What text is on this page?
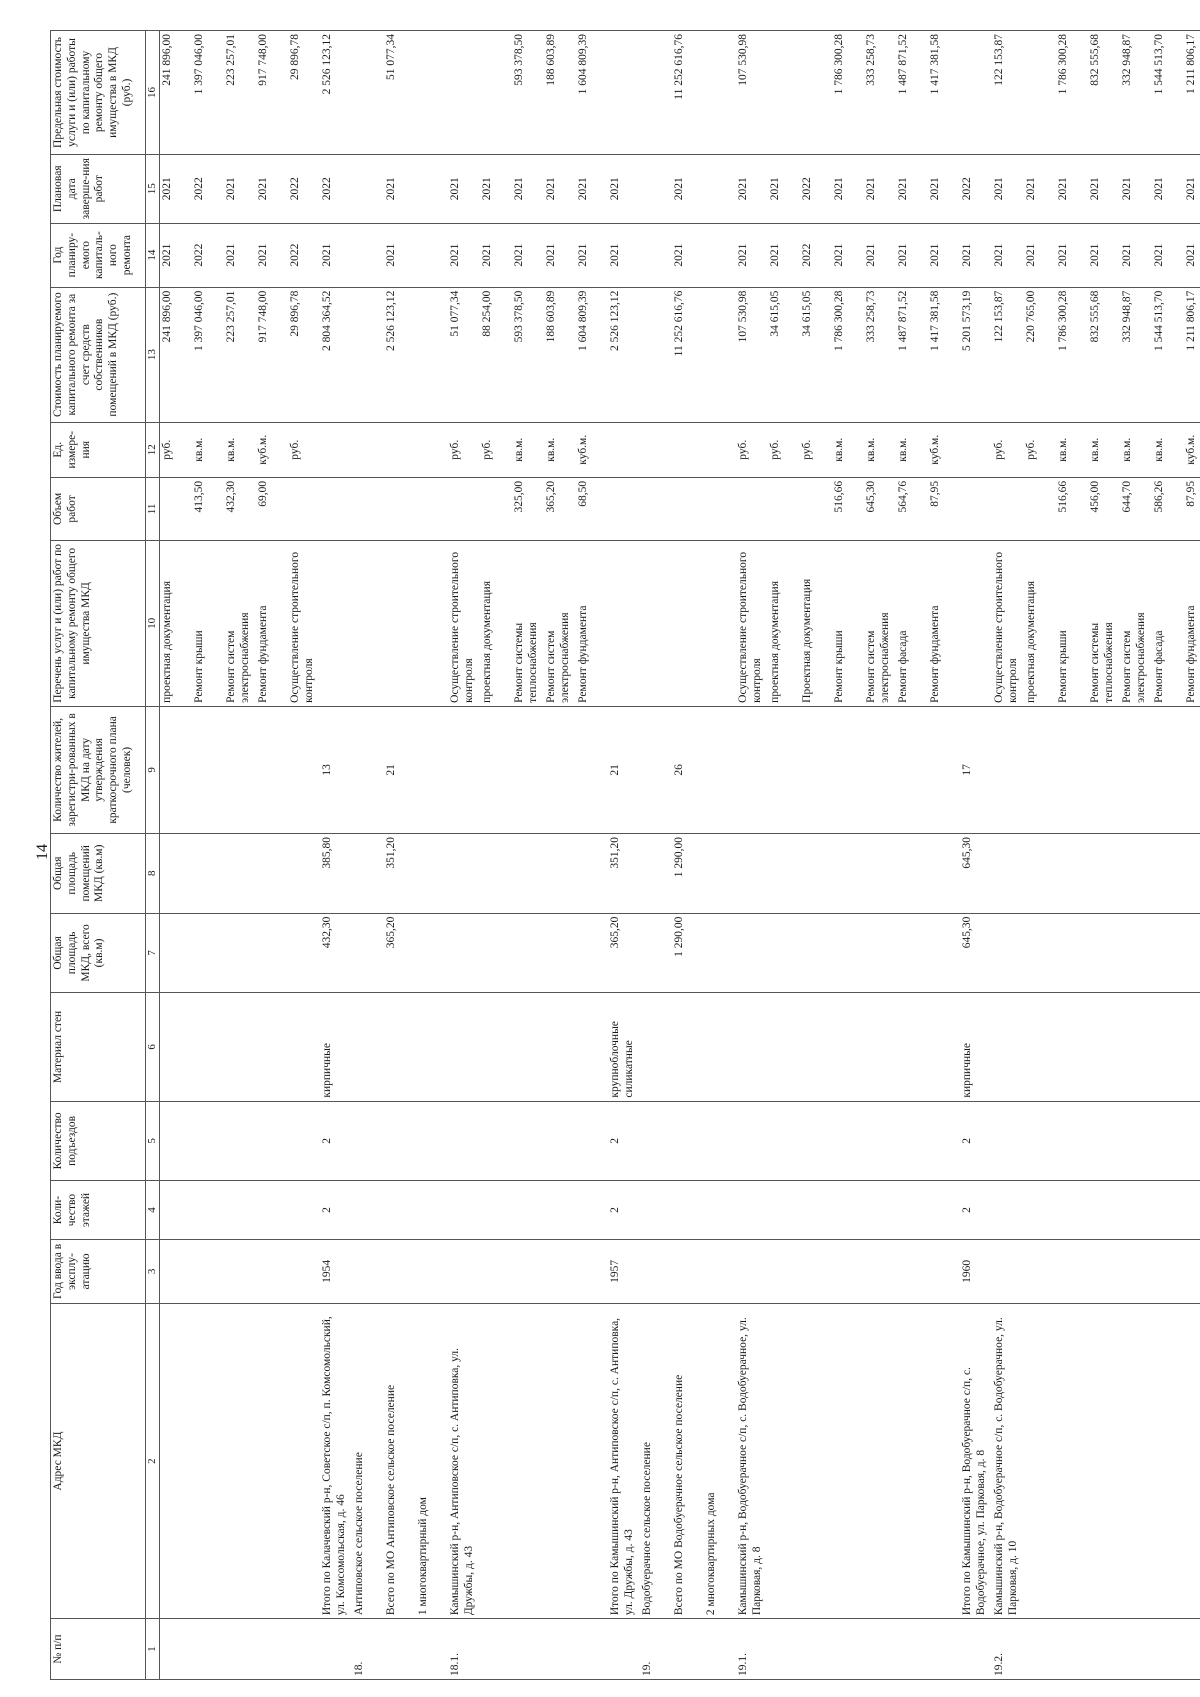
14
№ п/п	Адрес МКД	Год ввода в эксплу-атацию	Коли-чество этажей	Количество подъездов	Материал стен	Общая площадь МКД, всего (кв.м)	Общая площадь помещений МКД (кв.м)	Количество жителей, зарегистри-рованных в МКД на дату утверждения краткосрочного плана (человек)	Перечень услуг и (или) работ по капитальному ремонту общего имущества МКД	Объем работ	Ед. измере-ния	Стоимость планируемого капитального ремонта за счет средств собственников помещений в МКД (руб.)	Год планиру-емого капиталь-ного ремонта	Плановая дата заверше-ния работ	Предельная стоимость услуги и (или) работы по капитальному ремонту общего имущества в МКД (руб.)
1	2	3	4	5	6	7	8	9	10	11	12	13	14	15	16
									проектная документация		руб.	241 896,00	2021	2021	241 896,00
									Ремонт крыши	413,50	кв.м.	1 397 046,00	2022	2022	1 397 046,00
									Ремонт систем электроснабжения	432,30	кв.м.	223 257,01	2021	2021	223 257,01
									Ремонт фундамента	69,00	куб.м.	917 748,00	2021	2021	917 748,00
									Осуществление строительного контроля		руб.	29 896,78	2022	2022	29 896,78
	Итого по Калачевский р-н, Советское с/п, п. Комсомольский, ул. Комсомольская, д. 46	1954	2	2	кирпичные	432,30	385,80	13				2 804 364,52	2021	2022	2 526 123,12
18.	Антиповское сельское поселение														
	Всего по МО Антиповское сельское поселение					365,20	351,20	21				2 526 123,12	2021	2021	51 077,34
	1 многоквартирный дом														
18.1.	Камышинский р-н, Антиповское с/п, с. Антиповка, ул. Дружбы, д. 43								Осуществление строительного контроля		руб.	51 077,34	2021	2021	
									проектная документация		руб.	88 254,00	2021	2021	
									Ремонт системы теплоснабжения	325,00	кв.м.	593 378,50	2021	2021	593 378,50
									Ремонт систем электроснабжения	365,20	кв.м.	188 603,89	2021	2021	188 603,89
									Ремонт фундамента	68,50	куб.м.	1 604 809,39	2021	2021	1 604 809,39
	Итого по Камышинский р-н, Антиповское с/п, с. Антиповка, ул. Дружбы, д. 43	1957	2	2	крупноблочные силикатные	365,20	351,20	21				2 526 123,12	2021	2021	
19.	Водобуерачное сельское поселение														
	Всего по МО Водобуерачное сельское поселение					1 290,00	1 290,00	26				11 252 616,76	2021	2021	11 252 616,76
	2 многоквартирных дома														
19.1.	Камышинский р-н, Водобуерачное с/п, с. Водобуерачное, ул. Парковая, д. 8								Осуществление строительного контроля		руб.	107 530,98	2021	2021	107 530,98
									проектная документация		руб.	34 615,05	2021	2021	
									Проектная документация		руб.	34 615,05	2022	2022	
									Ремонт крыши	516,66	кв.м.	1 786 300,28	2021	2021	1 786 300,28
									Ремонт систем электроснабжения	645,30	кв.м.	333 258,73	2021	2021	333 258,73
									Ремонт фасада	564,76	кв.м.	1 487 871,52	2021	2021	1 487 871,52
									Ремонт фундамента	87,95	куб.м.	1 417 381,58	2021	2021	1 417 381,58
	Итого по Камышинский р-н, Водобуерачное с/п, с. Водобуерачное, ул. Парковая, д. 8	1960	2	2	кирпичные	645,30	645,30	17				5 201 573,19	2021	2022	
19.2.	Камышинский р-н, Водобуерачное с/п, с. Водобуерачное, ул. Парковая, д. 10								Осуществление строительного контроля		руб.	122 153,87	2021	2021	122 153,87
									проектная документация		руб.	220 765,00	2021	2021	
									Ремонт крыши	516,66	кв.м.	1 786 300,28	2021	2021	1 786 300,28
									Ремонт системы теплоснабжения	456,00	кв.м.	832 555,68	2021	2021	832 555,68
									Ремонт систем электроснабжения	644,70	кв.м.	332 948,87	2021	2021	332 948,87
									Ремонт фасада	586,26	кв.м.	1 544 513,70	2021	2021	1 544 513,70
									Ремонт фундамента	87,95	куб.м.	1 211 806,17	2021	2021	1 211 806,17
